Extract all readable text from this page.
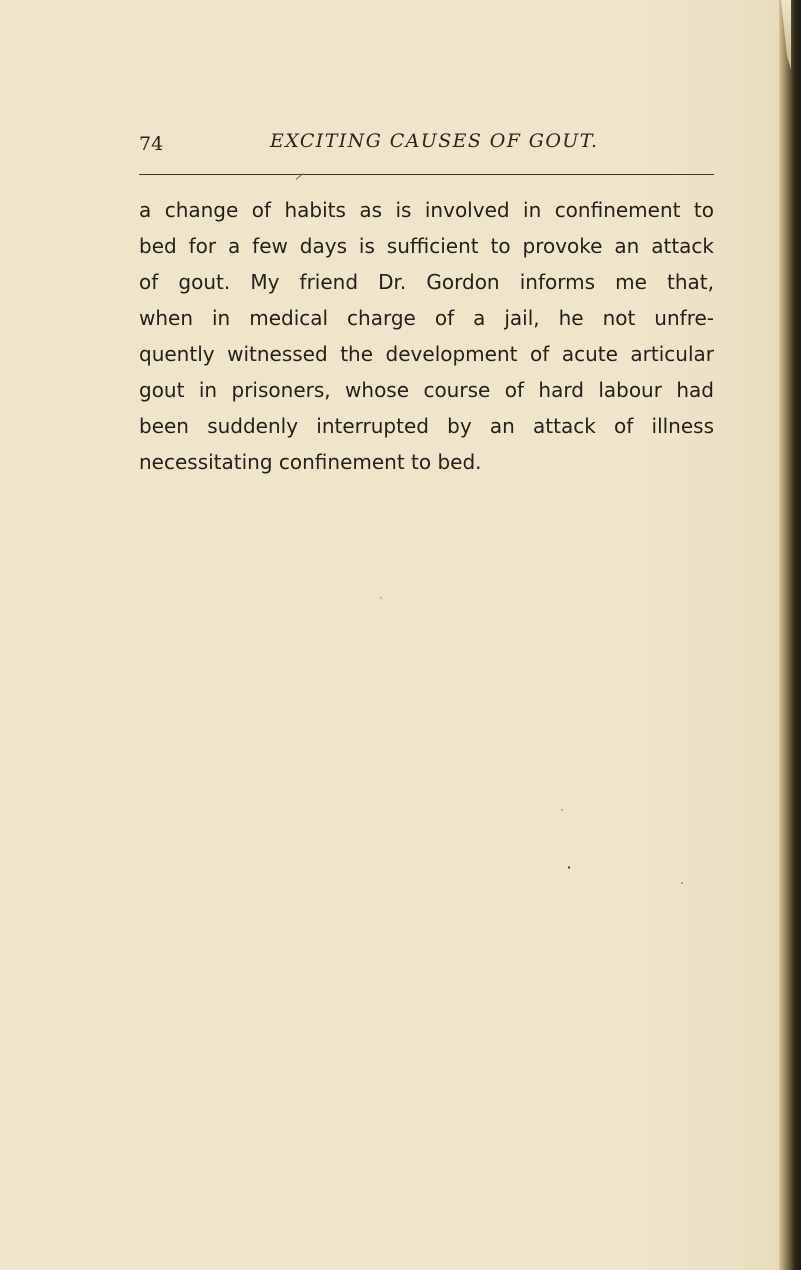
74	EXCITING CAUSES OF GOUT.
a change of habits as is involved in confinement to
bed for a few days is sufficient to provoke an attack
of gout. My friend Dr. Gordon informs me that,
when in medical charge of a jail, he not unfre-
quently witnessed the development of acute articular
gout in prisoners, whose course of hard labour had
been suddenly interrupted by an attack of illness
necessitating confinement to bed.
